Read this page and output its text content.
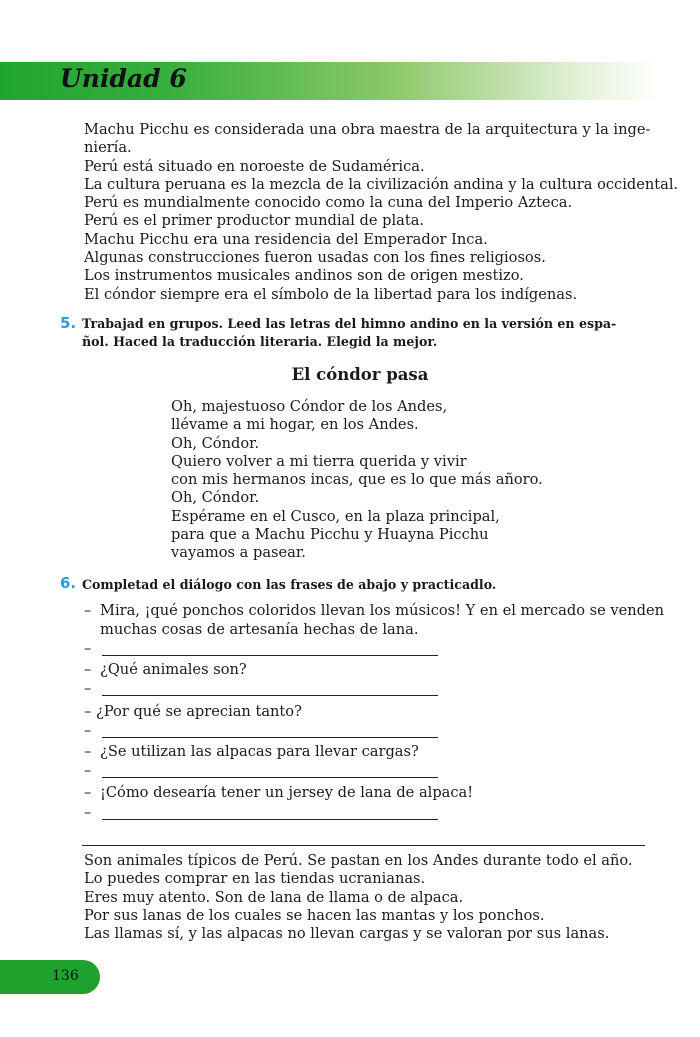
Unidad 6
Machu Picchu es considerada una obra maestra de la arquitectura y la inge-
niería.
Perú está situado en noroeste de Sudamérica.
La cultura peruana es la mezcla de la civilización andina y la cultura occidental.
Perú es mundialmente conocido como la cuna del Imperio Azteca.
Perú es el primer productor mundial de plata.
Machu Picchu era una residencia del Emperador Inca.
Algunas construcciones fueron usadas con los fines religiosos.
Los instrumentos musicales andinos son de origen mestizo.
El cóndor siempre era el símbolo de la libertad para los indígenas.
5. Trabajad en grupos. Leed las letras del himno andino en la versión en espa-
ñol. Haced la traducción literaria. Elegid la mejor.
El cóndor pasa
Oh, majestuoso Cóndor de los Andes,
llévame a mi hogar, en los Andes.
Oh, Cóndor.
Quiero volver a mi tierra querida y vivir
con mis hermanos incas, que es lo que más añoro.
Oh, Cóndor.
Espérame en el Cusco, en la plaza principal,
para que a Machu Picchu y Huayna Picchu
vayamos a pasear.
6. Completad el diálogo con las frases de abajo y practicadlo.
– Mira, ¡qué ponchos coloridos llevan los músicos! Y en el mercado se venden
muchas cosas de artesanía hechas de lana.
–
– ¿Qué animales son?
–
– ¿Por qué se aprecian tanto?
–
– ¿Se utilizan las alpacas para llevar cargas?
–
– ¡Cómo desearía tener un jersey de lana de alpaca!
–
Son animales típicos de Perú. Se pastan en los Andes durante todo el año.
Lo puedes comprar en las tiendas ucranianas.
Eres muy atento. Son de lana de llama o de alpaca.
Por sus lanas de los cuales se hacen las mantas y los ponchos.
Las llamas sí, y las alpacas no llevan cargas y se valoran por sus lanas.
136
